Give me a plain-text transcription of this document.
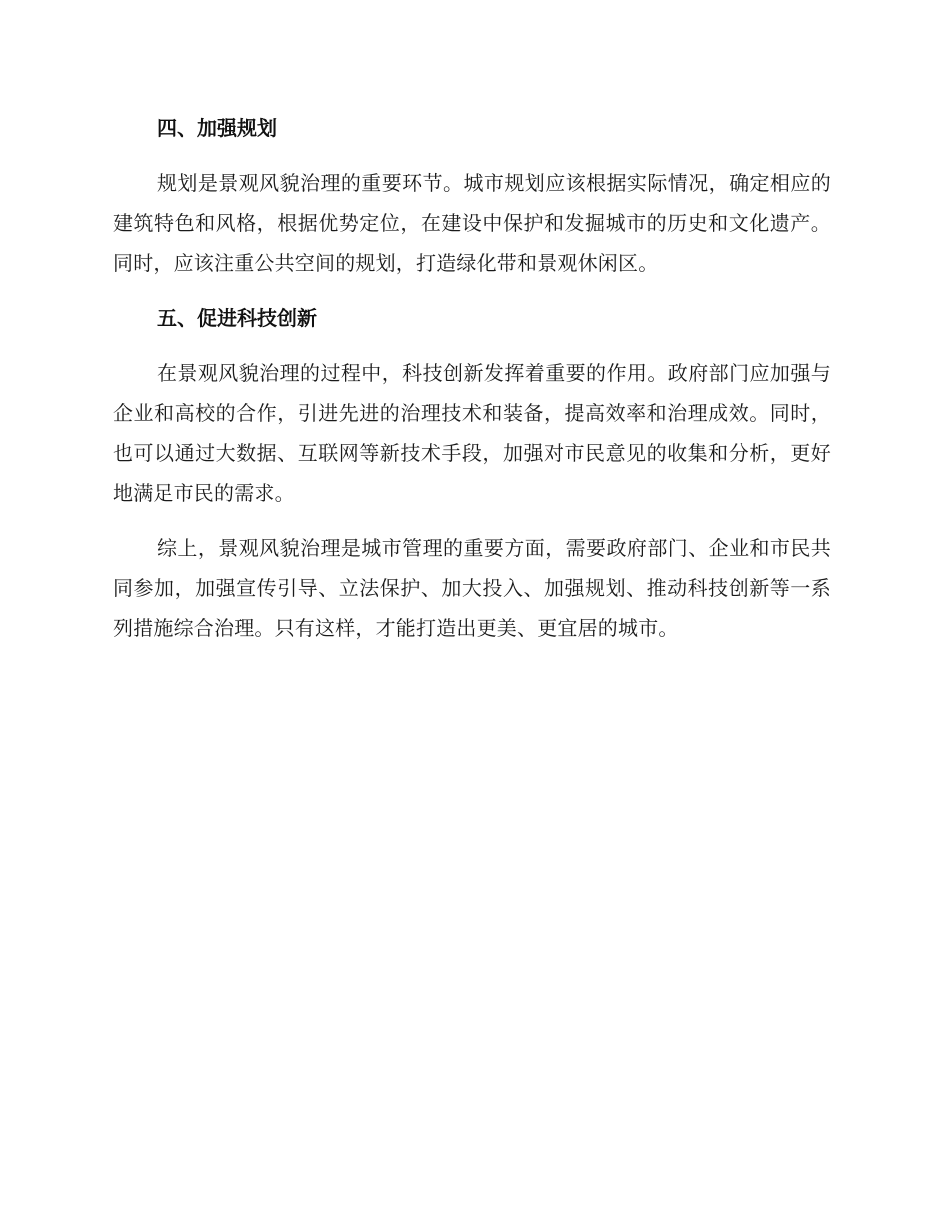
四、加强规划

规划是景观风貌治理的重要环节。城市规划应该根据实际情况，确定相应的建筑特色和风格，根据优势定位，在建设中保护和发掘城市的历史和文化遗产。同时，应该注重公共空间的规划，打造绿化带和景观休闲区。

五、促进科技创新

在景观风貌治理的过程中，科技创新发挥着重要的作用。政府部门应加强与企业和高校的合作，引进先进的治理技术和装备，提高效率和治理成效。同时，也可以通过大数据、互联网等新技术手段，加强对市民意见的收集和分析，更好地满足市民的需求。

综上，景观风貌治理是城市管理的重要方面，需要政府部门、企业和市民共同参加，加强宣传引导、立法保护、加大投入、加强规划、推动科技创新等一系列措施综合治理。只有这样，才能打造出更美、更宜居的城市。
